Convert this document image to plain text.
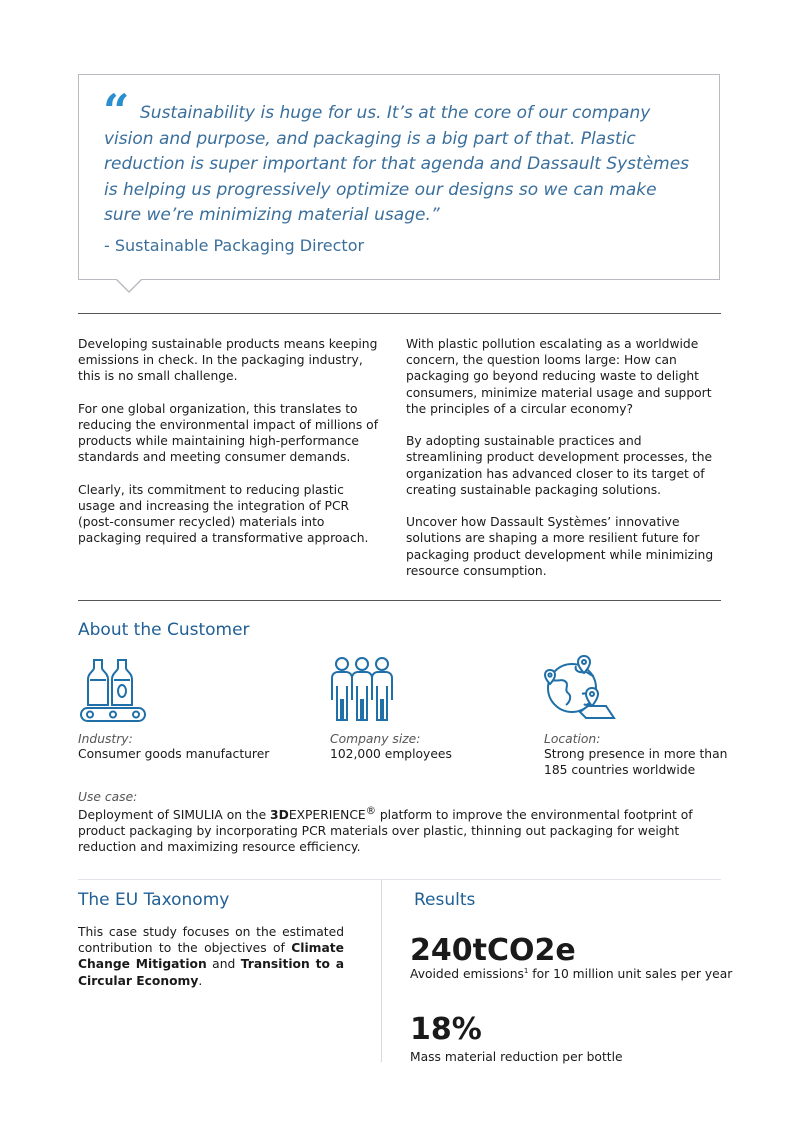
“ Sustainability is huge for us. It’s at the core of our company vision and purpose, and packaging is a big part of that. Plastic reduction is super important for that agenda and Dassault Systèmes is helping us progressively optimize our designs so we can make sure we’re minimizing material usage.”
- Sustainable Packaging Director

Developing sustainable products means keeping emissions in check. In the packaging industry, this is no small challenge.

For one global organization, this translates to reducing the environmental impact of millions of products while maintaining high-performance standards and meeting consumer demands.

Clearly, its commitment to reducing plastic usage and increasing the integration of PCR (post-consumer recycled) materials into packaging required a transformative approach.

With plastic pollution escalating as a worldwide concern, the question looms large: How can packaging go beyond reducing waste to delight consumers, minimize material usage and support the principles of a circular economy?

By adopting sustainable practices and streamlining product development processes, the organization has advanced closer to its target of creating sustainable packaging solutions.

Uncover how Dassault Systèmes’ innovative solutions are shaping a more resilient future for packaging product development while minimizing resource consumption.

About the Customer
Industry:
Consumer goods manufacturer
Company size:
102,000 employees
Location:
Strong presence in more than
185 countries worldwide
Use case:
Deployment of SIMULIA on the 3DEXPERIENCE® platform to improve the environmental footprint of product packaging by incorporating PCR materials over plastic, thinning out packaging for weight reduction and maximizing resource efficiency.
The EU Taxonomy
This case study focuses on the estimated contribution to the objectives of Climate Change Mitigation and Transition to a Circular Economy.
Results
240tCO2e
Avoided emissions$^1$ for 10 million unit sales per year
18%
Mass material reduction per bottle
